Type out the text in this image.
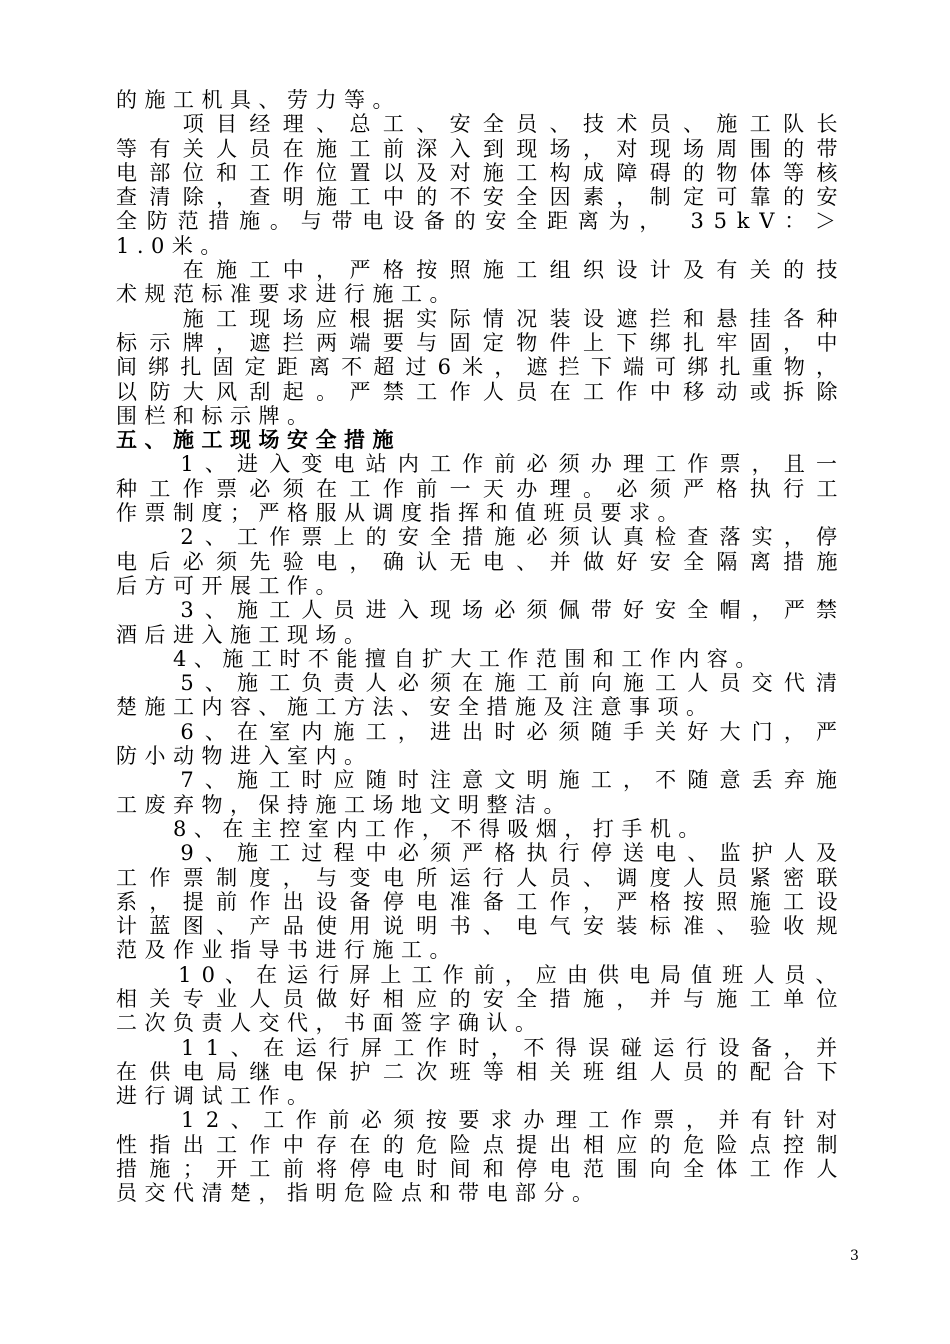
的施工机具、劳力等。
　　项目经理、总工、安全员、技术员、施工队长
等有关人员在施工前深入到现场，对现场周围的带
电部位和工作位置以及对施工构成障碍的物体等核
查清除，查明施工中的不安全因素，制定可靠的安
全防范措施。与带电设备的安全距离为，　35kV：＞
1.0米。
　　在施工中，严格按照施工组织设计及有关的技
术规范标准要求进行施工。
　　施工现场应根据实际情况装设遮拦和悬挂各种
标示牌，遮拦两端要与固定物件上下绑扎牢固，中
间绑扎固定距离不超过6米，遮拦下端可绑扎重物，
以防大风刮起。严禁工作人员在工作中移动或拆除
围栏和标示牌。
五、施工现场安全措施
　　1、进入变电站内工作前必须办理工作票，且一
种工作票必须在工作前一天办理。必须严格执行工
作票制度；严格服从调度指挥和值班员要求。
　　2、工作票上的安全措施必须认真检查落实，停
电后必须先验电，确认无电、并做好安全隔离措施
后方可开展工作。
　　3、施工人员进入现场必须佩带好安全帽，严禁
酒后进入施工现场。
　　4、施工时不能擅自扩大工作范围和工作内容。
　　5、施工负责人必须在施工前向施工人员交代清
楚施工内容、施工方法、安全措施及注意事项。
　　6、在室内施工，进出时必须随手关好大门，严
防小动物进入室内。
　　7、施工时应随时注意文明施工，不随意丢弃施
工废弃物，保持施工场地文明整洁。
　　8、在主控室内工作，不得吸烟，打手机。
　　9、施工过程中必须严格执行停送电、监护人及
工作票制度，与变电所运行人员、调度人员紧密联
系，提前作出设备停电准备工作，严格按照施工设
计蓝图、产品使用说明书、电气安装标准、验收规
范及作业指导书进行施工。
　　10、在运行屏上工作前，应由供电局值班人员、
相关专业人员做好相应的安全措施，并与施工单位
二次负责人交代，书面签字确认。
　　11、在运行屏工作时，不得误碰运行设备，并
在供电局继电保护二次班等相关班组人员的配合下
进行调试工作。
　　12、工作前必须按要求办理工作票，并有针对
性指出工作中存在的危险点提出相应的危险点控制
措施；开工前将停电时间和停电范围向全体工作人
员交代清楚，指明危险点和带电部分。
3
